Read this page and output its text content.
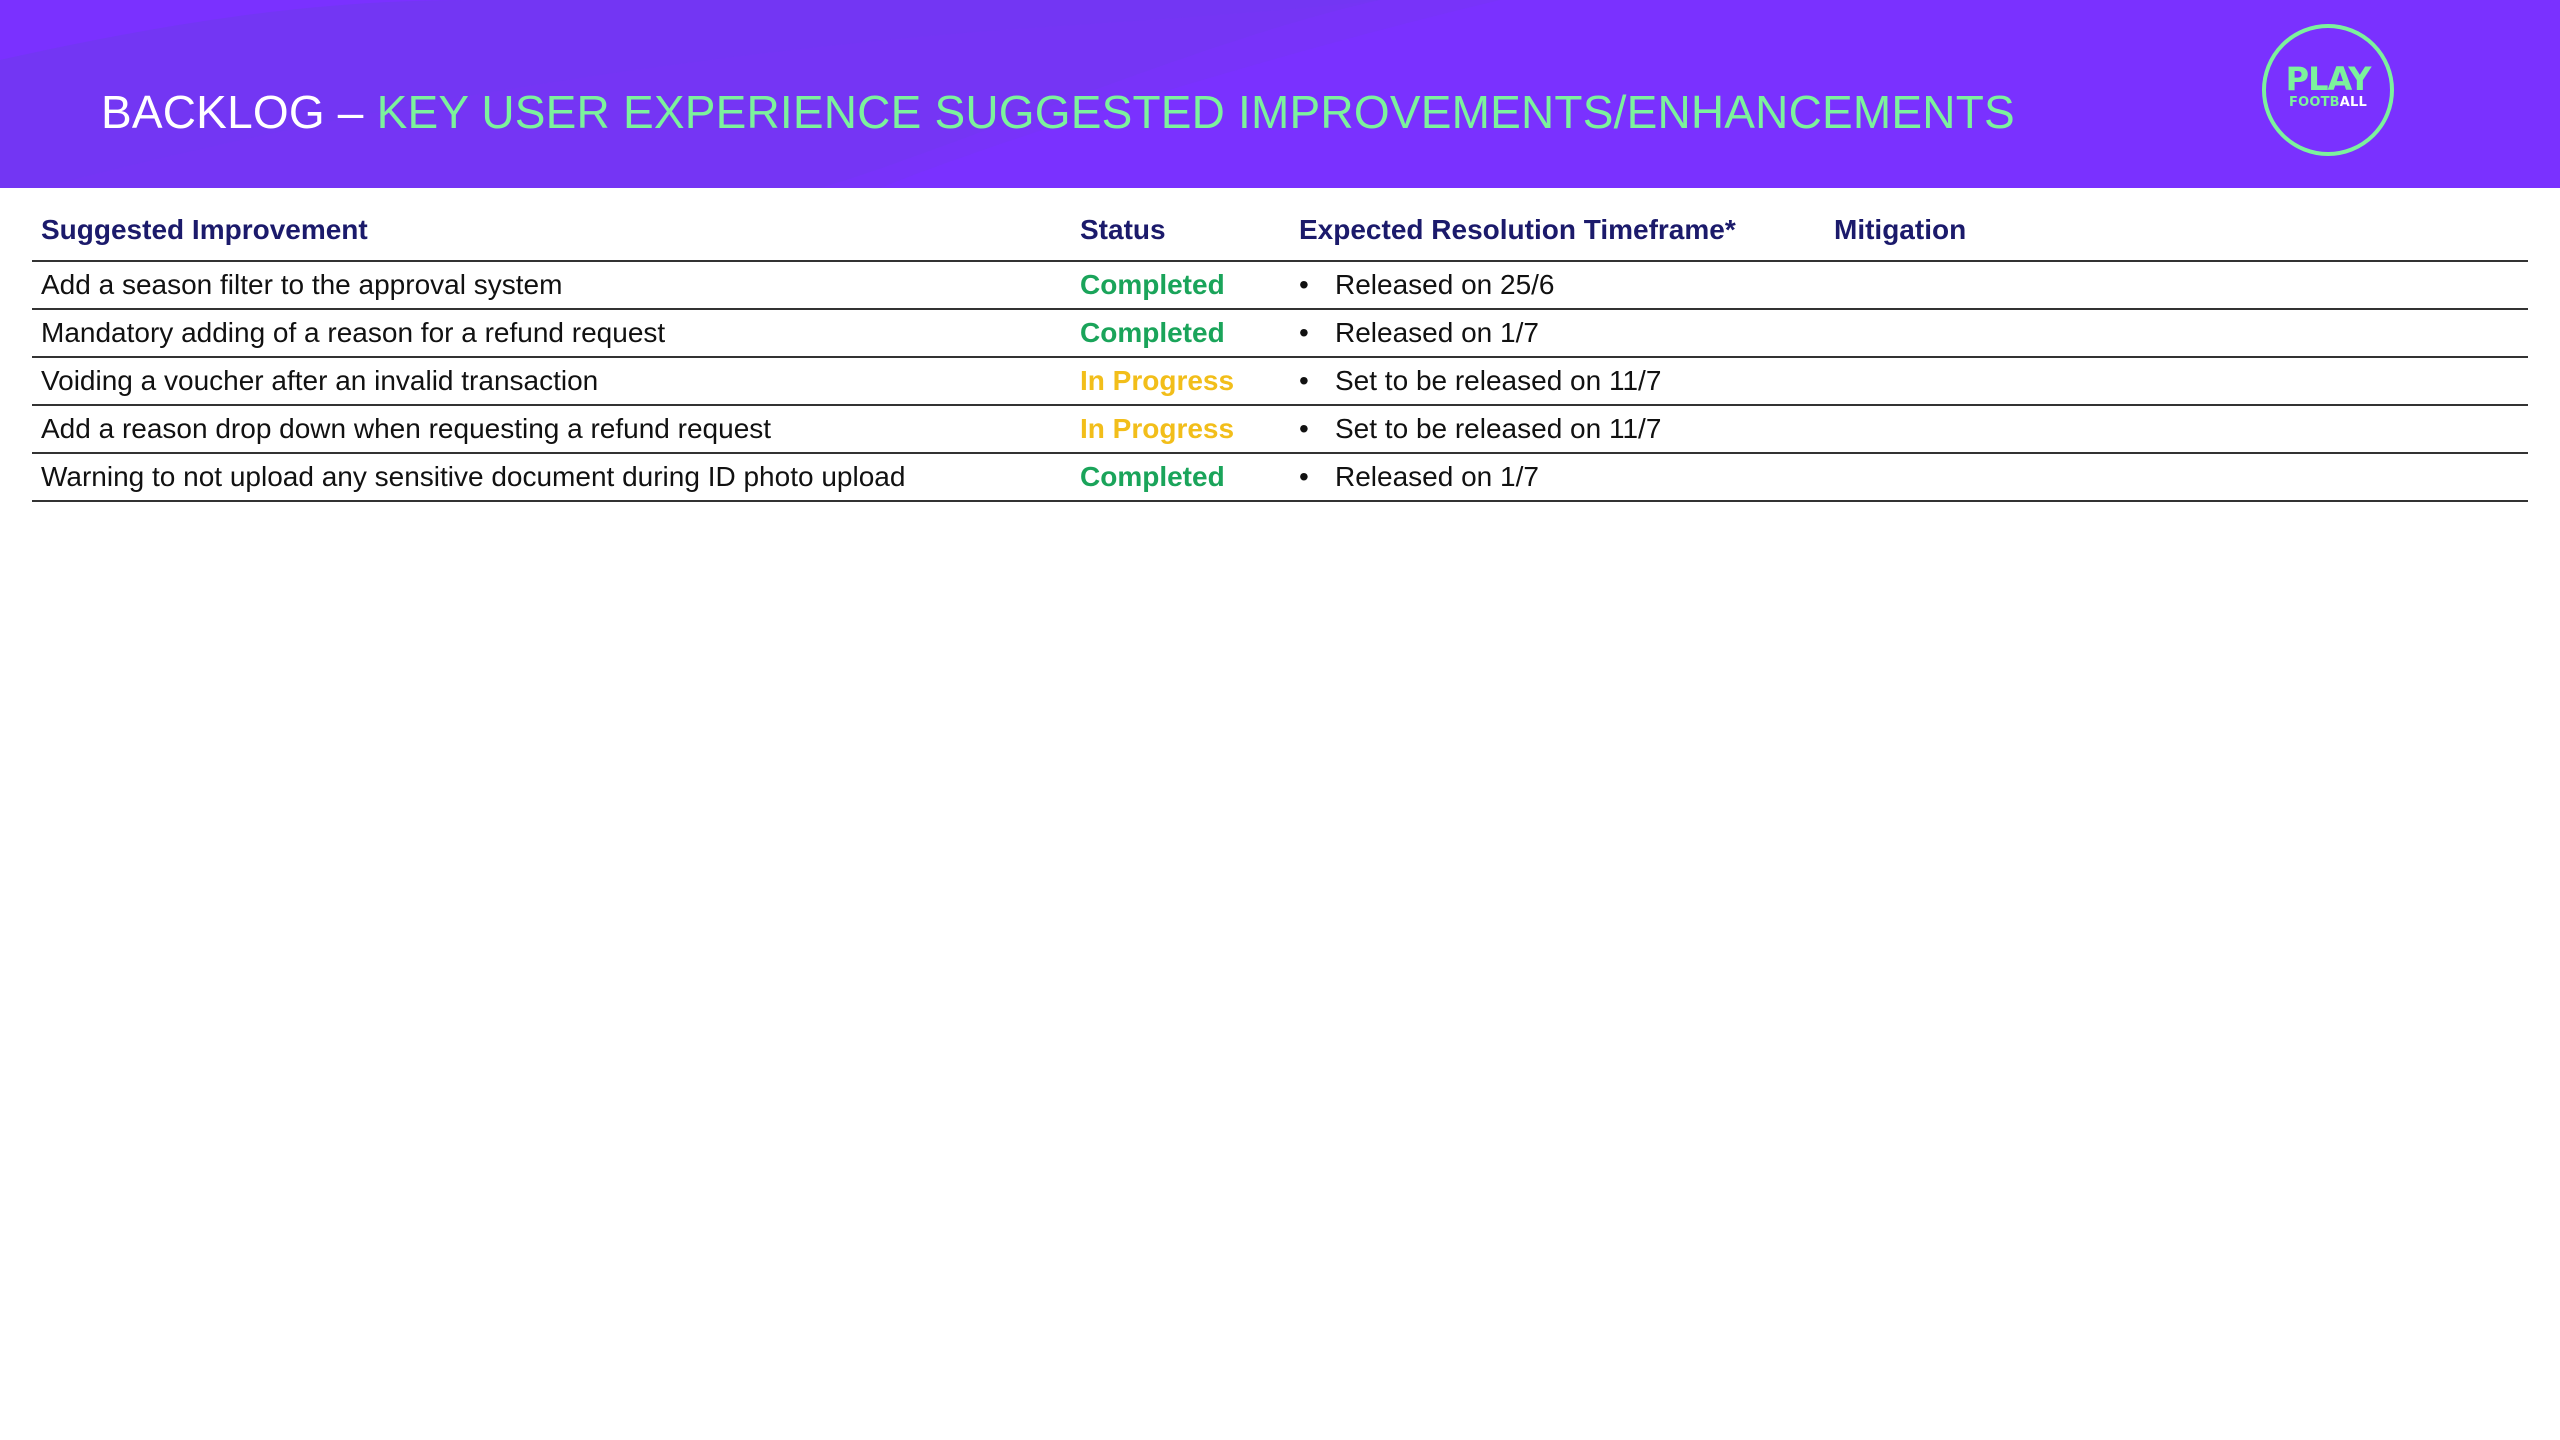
BACKLOG – KEY USER EXPERIENCE SUGGESTED IMPROVEMENTS/ENHANCEMENTS
PLAY
FOOTBALL
Suggested Improvement	Status	Expected Resolution Timeframe*	Mitigation
Add a season filter to the approval system	Completed	• Released on 25/6	
Mandatory adding of a reason for a refund request	Completed	• Released on 1/7	
Voiding a voucher after an invalid transaction	In Progress	• Set to be released on 11/7	
Add a reason drop down when requesting a refund request	In Progress	• Set to be released on 11/7	
Warning to not upload any sensitive document during ID photo upload	Completed	• Released on 1/7	
